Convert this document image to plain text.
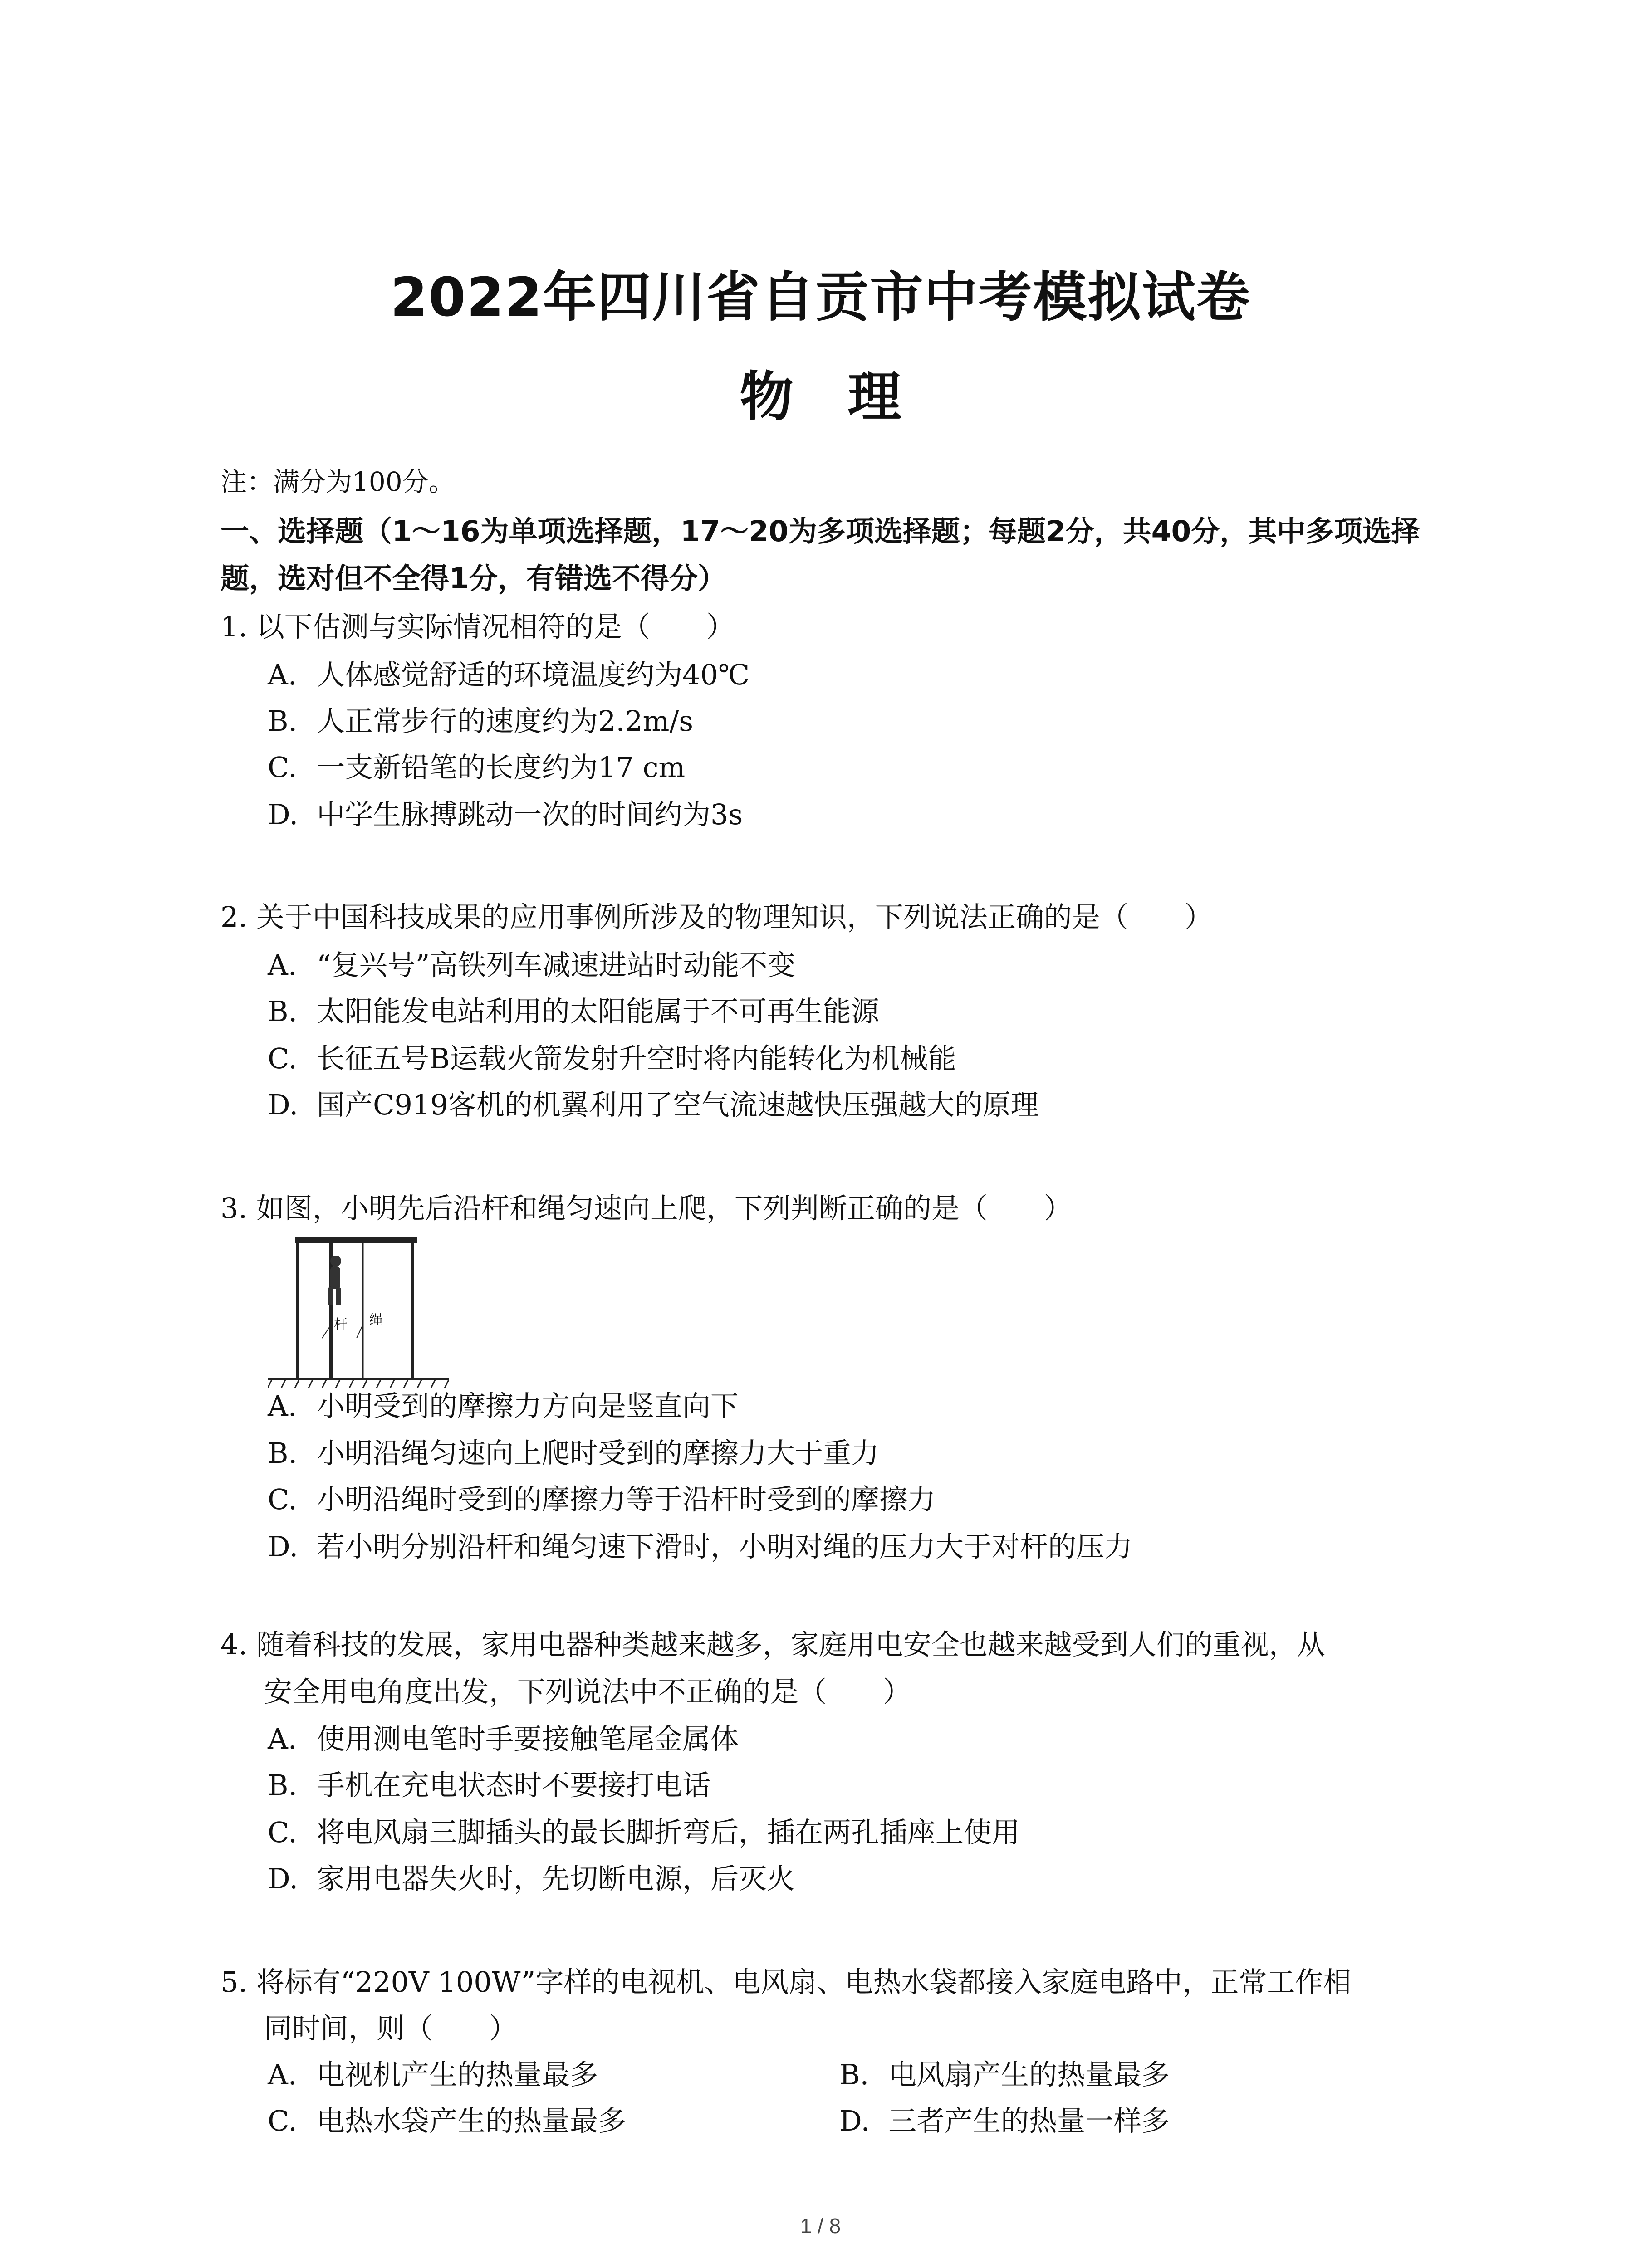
2022年四川省自贡市中考模拟试卷
物 理
注：满分为100分。
一、选择题（1～16为单项选择题，17～20为多项选择题；每题2分，共40分，其中多项选择题，选对但不全得1分，有错选不得分）
1. 以下估测与实际情况相符的是（　　）
A. 人体感觉舒适的环境温度约为40℃
B. 人正常步行的速度约为2.2m/s
C. 一支新铅笔的长度约为17 cm
D. 中学生脉搏跳动一次的时间约为3s
2. 关于中国科技成果的应用事例所涉及的物理知识，下列说法正确的是（　　）
A. “复兴号”高铁列车减速进站时动能不变
B. 太阳能发电站利用的太阳能属于不可再生能源
C. 长征五号B运载火箭发射升空时将内能转化为机械能
D. 国产C919客机的机翼利用了空气流速越快压强越大的原理
3. 如图，小明先后沿杆和绳匀速向上爬，下列判断正确的是（　　）
杆 绳
A. 小明受到的摩擦力方向是竖直向下
B. 小明沿绳匀速向上爬时受到的摩擦力大于重力
C. 小明沿绳时受到的摩擦力等于沿杆时受到的摩擦力
D. 若小明分别沿杆和绳匀速下滑时，小明对绳的压力大于对杆的压力
4. 随着科技的发展，家用电器种类越来越多，家庭用电安全也越来越受到人们的重视，从
安全用电角度出发，下列说法中不正确的是（　　）
A. 使用测电笔时手要接触笔尾金属体
B. 手机在充电状态时不要接打电话
C. 将电风扇三脚插头的最长脚折弯后，插在两孔插座上使用
D. 家用电器失火时，先切断电源，后灭火
5. 将标有“220V 100W”字样的电视机、电风扇、电热水袋都接入家庭电路中，正常工作相
同时间，则（　　）
A. 电视机产生的热量最多	B. 电风扇产生的热量最多
C. 电热水袋产生的热量最多	D. 三者产生的热量一样多
1 / 8
